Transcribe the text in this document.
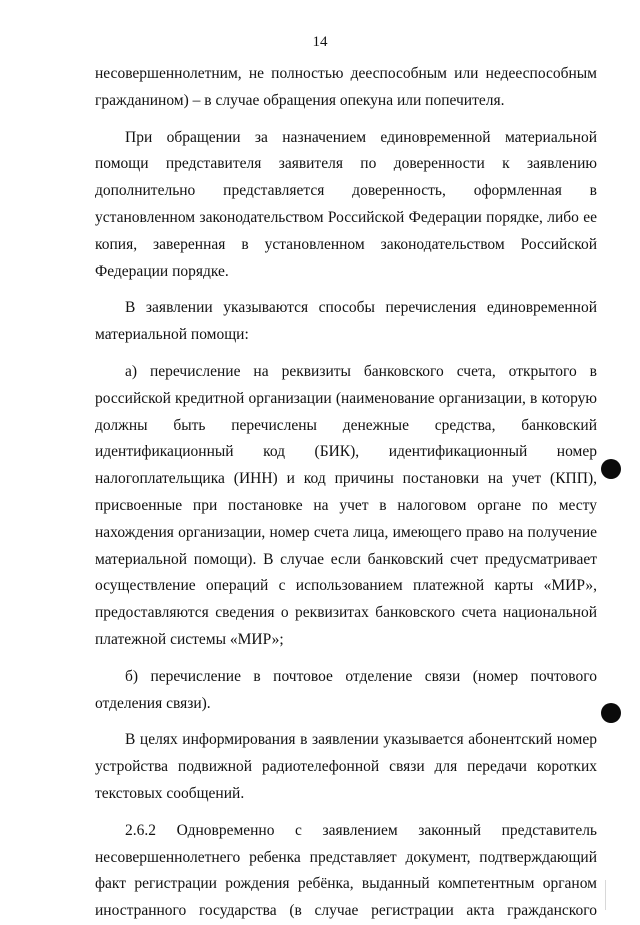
14

несовершеннолетним, не полностью дееспособным или недееспособным гражданином) – в случае обращения опекуна или попечителя.

При обращении за назначением единовременной материальной помощи представителя заявителя по доверенности к заявлению дополнительно представляется доверенность, оформленная в установленном законодательством Российской Федерации порядке, либо ее копия, заверенная в установленном законодательством Российской Федерации порядке.

В заявлении указываются способы перечисления единовременной материальной помощи:

а) перечисление на реквизиты банковского счета, открытого в российской кредитной организации (наименование организации, в которую должны быть перечислены денежные средства, банковский идентификационный код (БИК), идентификационный номер налогоплательщика (ИНН) и код причины постановки на учет (КПП), присвоенные при постановке на учет в налоговом органе по месту нахождения организации, номер счета лица, имеющего право на получение материальной помощи). В случае если банковский счет предусматривает осуществление операций с использованием платежной карты «МИР», предоставляются сведения о реквизитах банковского счета национальной платежной системы «МИР»;

б) перечисление в почтовое отделение связи (номер почтового отделения связи).

В целях информирования в заявлении указывается абонентский номер устройства подвижной радиотелефонной связи для передачи коротких текстовых сообщений.

2.6.2 Одновременно с заявлением законный представитель несовершеннолетнего ребенка представляет документ, подтверждающий факт регистрации рождения ребёнка, выданный компетентным органом иностранного государства (в случае регистрации акта гражданского
